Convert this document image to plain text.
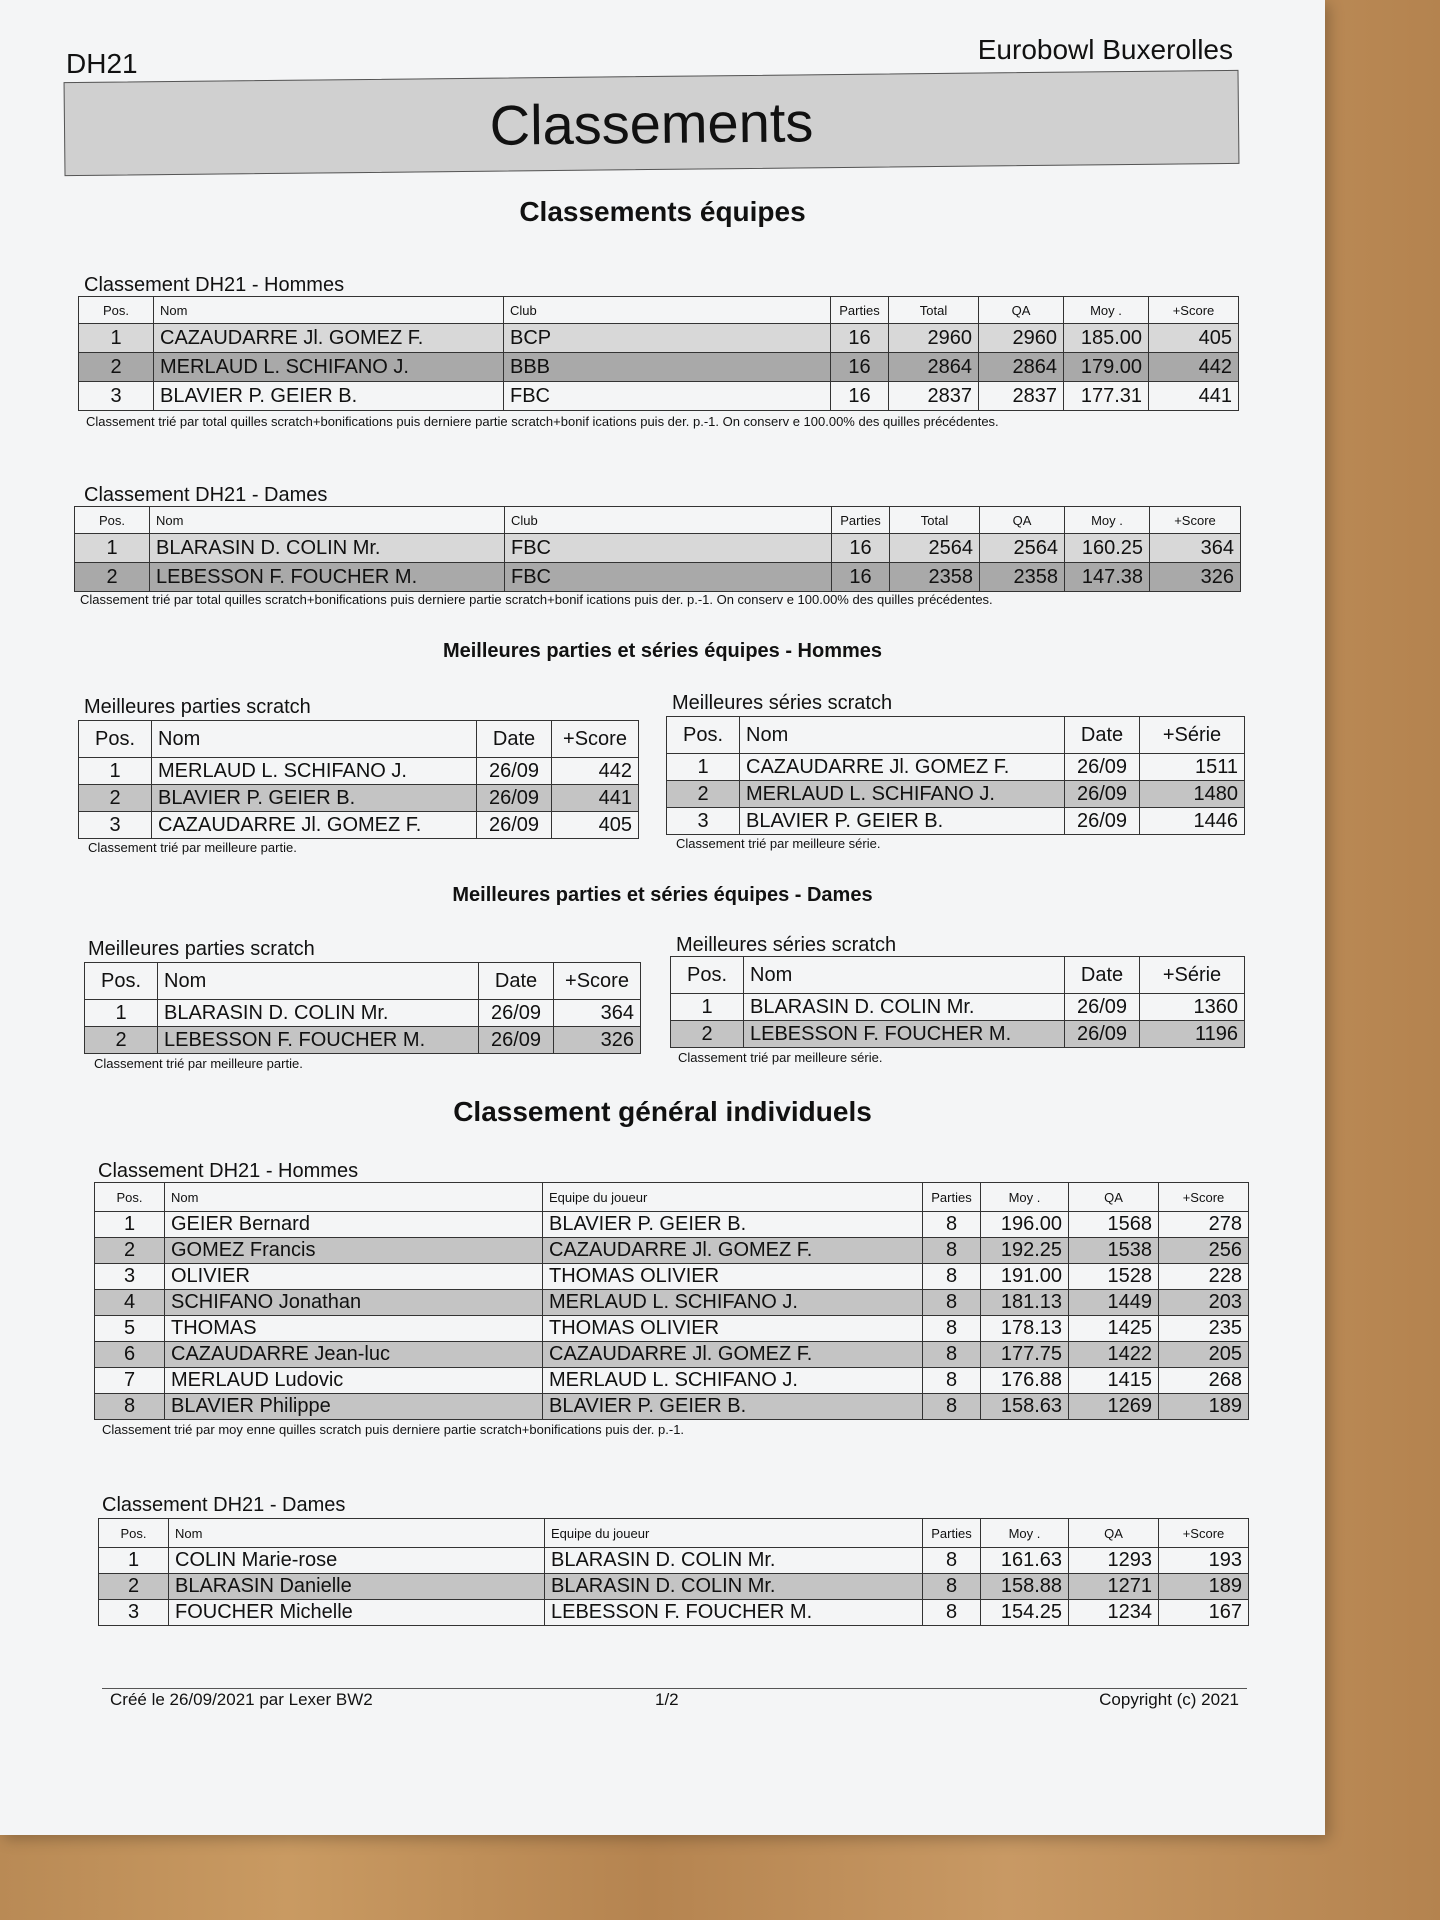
DH21	Eurobowl Buxerolles
Classements
Classements équipes
Classement DH21 - Hommes
Pos.	Nom	Club	Parties	Total	QA	Moy .	+Score
1	CAZAUDARRE Jl. GOMEZ F.	BCP	16	2960	2960	185.00	405
2	MERLAUD L. SCHIFANO J.	BBB	16	2864	2864	179.00	442
3	BLAVIER P. GEIER B.	FBC	16	2837	2837	177.31	441
Classement trié par total quilles scratch+bonifications puis derniere partie scratch+bonif ications puis der. p.-1. On conserv e 100.00% des quilles précédentes.
Classement DH21 - Dames
Pos.	Nom	Club	Parties	Total	QA	Moy .	+Score
1	BLARASIN D. COLIN Mr.	FBC	16	2564	2564	160.25	364
2	LEBESSON F. FOUCHER M.	FBC	16	2358	2358	147.38	326
Classement trié par total quilles scratch+bonifications puis derniere partie scratch+bonif ications puis der. p.-1. On conserv e 100.00% des quilles précédentes.
Meilleures parties et séries équipes - Hommes
Meilleures parties scratch
Pos.	Nom	Date	+Score
1	MERLAUD L. SCHIFANO J.	26/09	442
2	BLAVIER P. GEIER B.	26/09	441
3	CAZAUDARRE Jl. GOMEZ F.	26/09	405
Classement trié par meilleure partie.
Meilleures séries scratch
Pos.	Nom	Date	+Série
1	CAZAUDARRE Jl. GOMEZ F.	26/09	1511
2	MERLAUD L. SCHIFANO J.	26/09	1480
3	BLAVIER P. GEIER B.	26/09	1446
Classement trié par meilleure série.
Meilleures parties et séries équipes - Dames
Meilleures parties scratch
Pos.	Nom	Date	+Score
1	BLARASIN D. COLIN Mr.	26/09	364
2	LEBESSON F. FOUCHER M.	26/09	326
Classement trié par meilleure partie.
Meilleures séries scratch
Pos.	Nom	Date	+Série
1	BLARASIN D. COLIN Mr.	26/09	1360
2	LEBESSON F. FOUCHER M.	26/09	1196
Classement trié par meilleure série.
Classement général individuels
Classement DH21 - Hommes
Pos.	Nom	Equipe du joueur	Parties	Moy .	QA	+Score
1	GEIER Bernard	BLAVIER P. GEIER B.	8	196.00	1568	278
2	GOMEZ Francis	CAZAUDARRE Jl. GOMEZ F.	8	192.25	1538	256
3	OLIVIER	THOMAS OLIVIER	8	191.00	1528	228
4	SCHIFANO Jonathan	MERLAUD L. SCHIFANO J.	8	181.13	1449	203
5	THOMAS	THOMAS OLIVIER	8	178.13	1425	235
6	CAZAUDARRE Jean-luc	CAZAUDARRE Jl. GOMEZ F.	8	177.75	1422	205
7	MERLAUD Ludovic	MERLAUD L. SCHIFANO J.	8	176.88	1415	268
8	BLAVIER Philippe	BLAVIER P. GEIER B.	8	158.63	1269	189
Classement trié par moy enne quilles scratch puis derniere partie scratch+bonifications puis der. p.-1.
Classement DH21 - Dames
Pos.	Nom	Equipe du joueur	Parties	Moy .	QA	+Score
1	COLIN Marie-rose	BLARASIN D. COLIN Mr.	8	161.63	1293	193
2	BLARASIN Danielle	BLARASIN D. COLIN Mr.	8	158.88	1271	189
3	FOUCHER Michelle	LEBESSON F. FOUCHER M.	8	154.25	1234	167
Créé le 26/09/2021 par Lexer BW2	1/2	Copyright (c) 2021
